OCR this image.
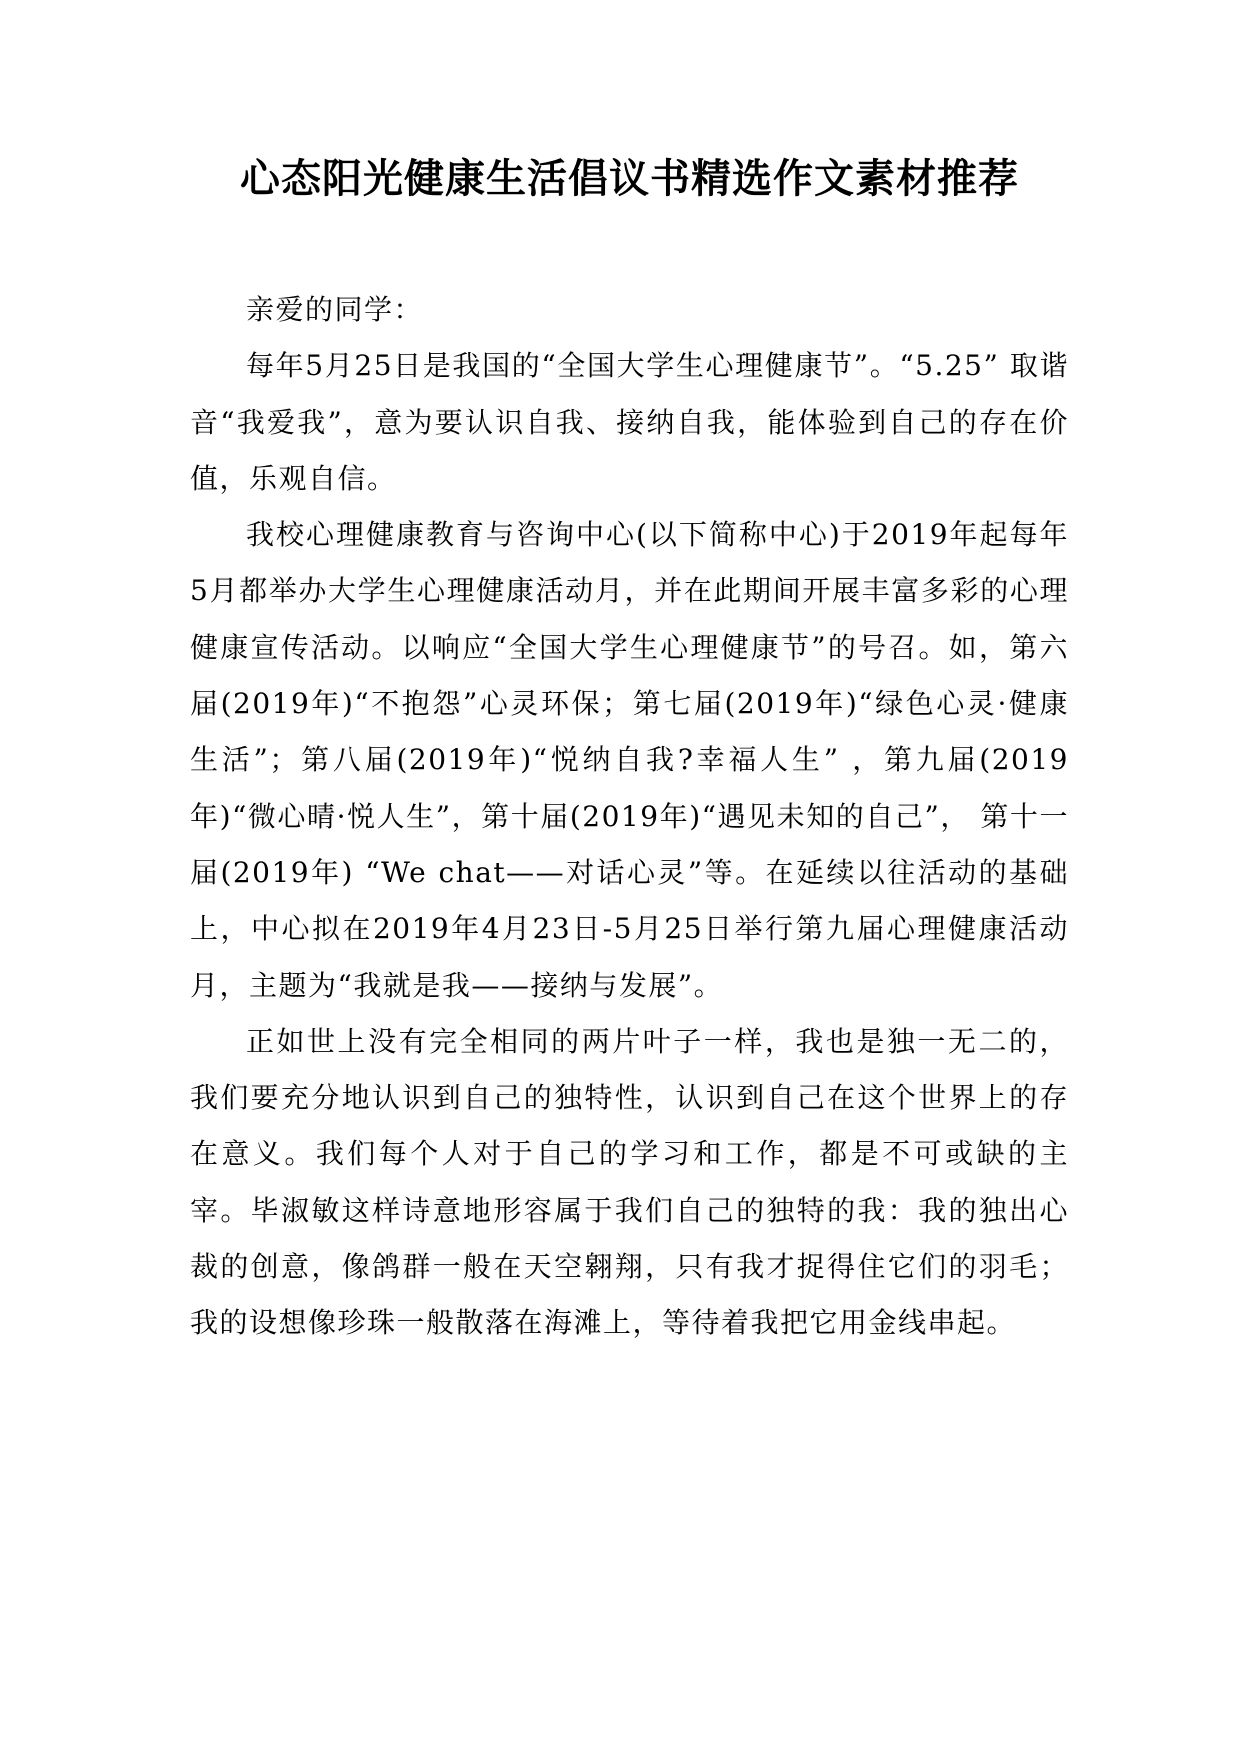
心态阳光健康生活倡议书精选作文素材推荐

亲爱的同学：

每年5月25日是我国的“全国大学生心理健康节”。“5.25” 取谐音“我爱我”，意为要认识自我、接纳自我，能体验到自己的存在价值，乐观自信。

我校心理健康教育与咨询中心(以下简称中心)于2019年起每年5月都举办大学生心理健康活动月，并在此期间开展丰富多彩的心理健康宣传活动。以响应“全国大学生心理健康节”的号召。如，第六届(2019年)“不抱怨”心灵环保；第七届(2019年)“绿色心灵·健康生活”；第八届(2019年)“悦纳自我?幸福人生” ，第九届(2019年)“微心晴·悦人生”，第十届(2019年)“遇见未知的自己”， 第十一届(2019年) “We chat——对话心灵”等。在延续以往活动的基础上，中心拟在2019年4月23日-5月25日举行第九届心理健康活动月，主题为“我就是我——接纳与发展”。

正如世上没有完全相同的两片叶子一样，我也是独一无二的，我们要充分地认识到自己的独特性，认识到自己在这个世界上的存在意义。我们每个人对于自己的学习和工作，都是不可或缺的主宰。毕淑敏这样诗意地形容属于我们自己的独特的我：我的独出心裁的创意，像鸽群一般在天空翱翔，只有我才捉得住它们的羽毛；我的设想像珍珠一般散落在海滩上，等待着我把它用金线串起。
